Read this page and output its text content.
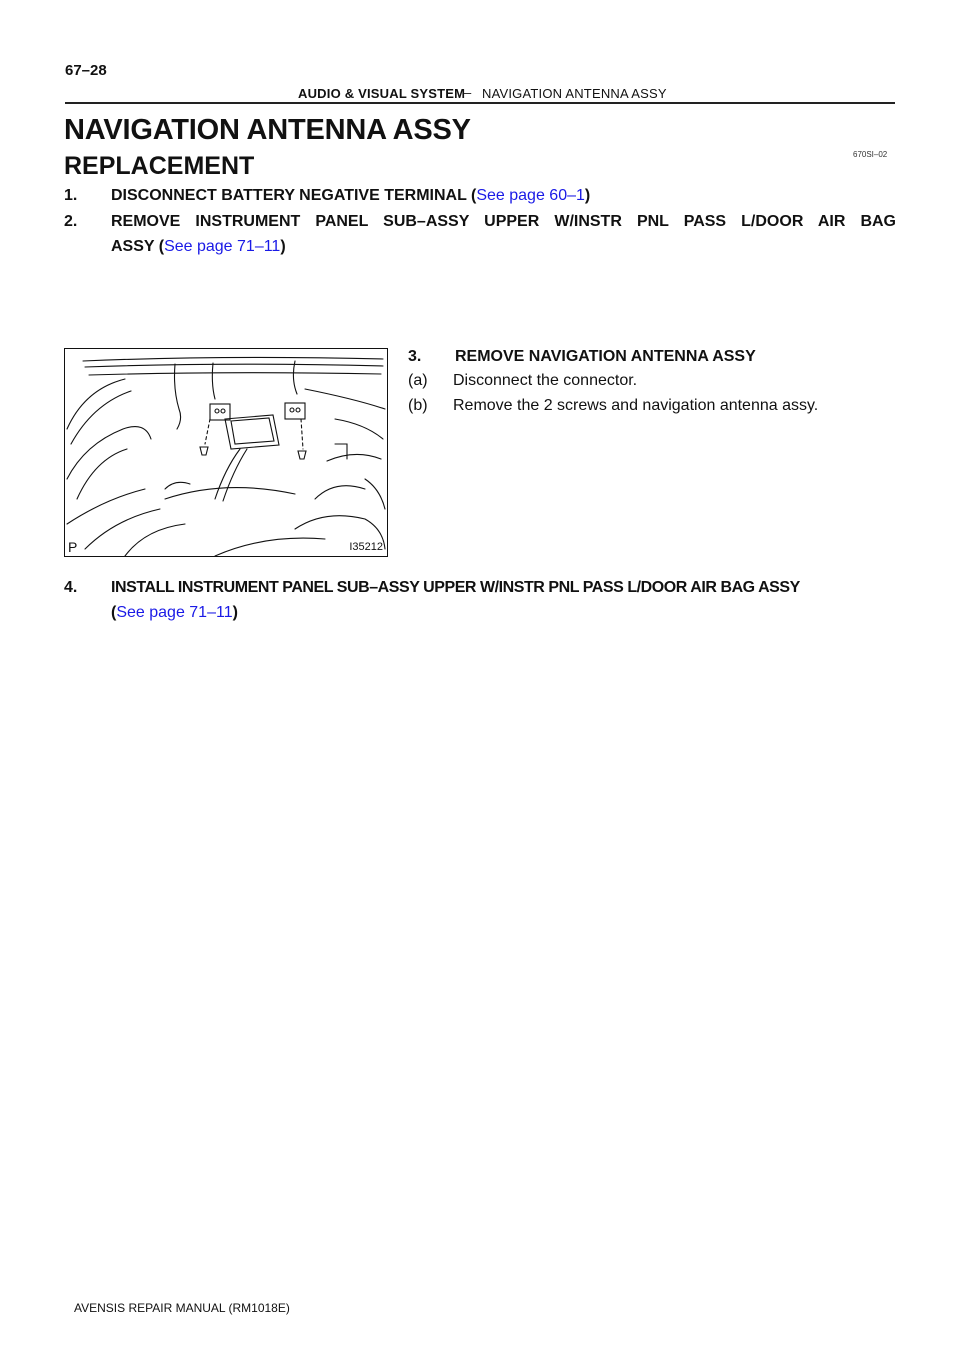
67–28
AUDIO & VISUAL SYSTEM
– NAVIGATION ANTENNA ASSY
NAVIGATION ANTENNA ASSY
670SI–02
REPLACEMENT
1. DISCONNECT BATTERY NEGATIVE TERMINAL (See page 60–1)
2. REMOVE INSTRUMENT PANEL SUB–ASSY UPPER W/INSTR PNL PASS L/DOOR AIR BAG
ASSY (See page 71–11)
P	I35212
3. REMOVE NAVIGATION ANTENNA ASSY
(a) Disconnect the connector.
(b) Remove the 2 screws and navigation antenna assy.
4. INSTALL INSTRUMENT PANEL SUB–ASSY UPPER W/INSTR PNL PASS L/DOOR AIR BAG ASSY
(See page 71–11)
AVENSIS REPAIR MANUAL (RM1018E)
